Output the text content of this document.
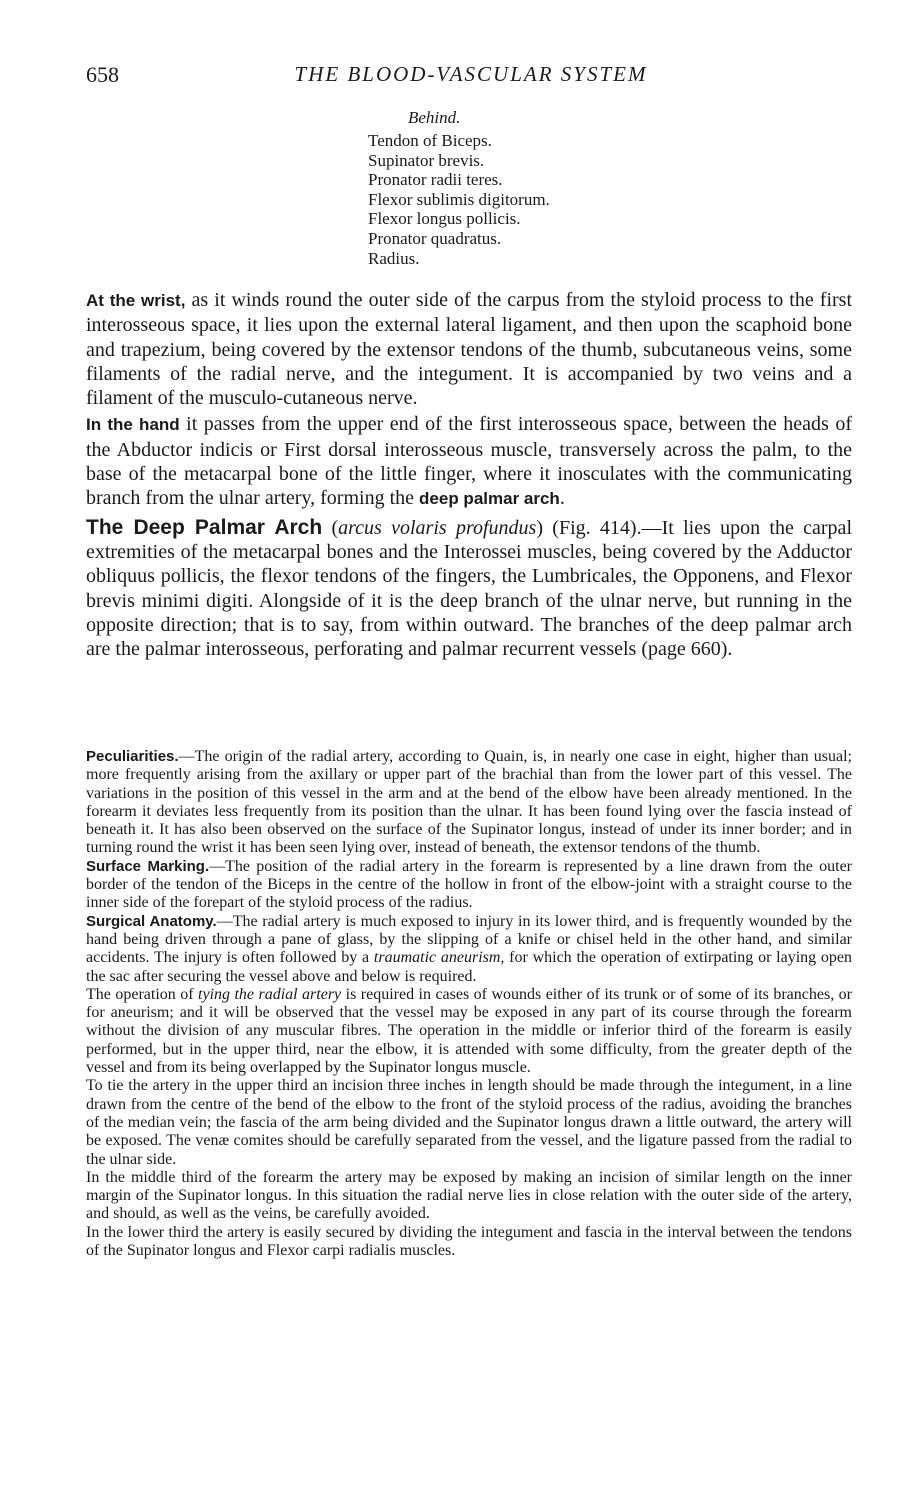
658	THE BLOOD-VASCULAR SYSTEM
Behind.
Tendon of Biceps.
Supinator brevis.
Pronator radii teres.
Flexor sublimis digitorum.
Flexor longus pollicis.
Pronator quadratus.
Radius.

At the wrist, as it winds round the outer side of the carpus from the styloid process to the first interosseous space, it lies upon the external lateral ligament, and then upon the scaphoid bone and trapezium, being covered by the extensor tendons of the thumb, subcutaneous veins, some filaments of the radial nerve, and the integument. It is accompanied by two veins and a filament of the musculo-cutaneous nerve.

In the hand it passes from the upper end of the first interosseous space, between the heads of the Abductor indicis or First dorsal interosseous muscle, transversely across the palm, to the base of the metacarpal bone of the little finger, where it inosculates with the communicating branch from the ulnar artery, forming the deep palmar arch.

The Deep Palmar Arch (arcus volaris profundus) (Fig. 414).—It lies upon the carpal extremities of the metacarpal bones and the Interossei muscles, being covered by the Adductor obliquus pollicis, the flexor tendons of the fingers, the Lumbricales, the Opponens, and Flexor brevis minimi digiti. Alongside of it is the deep branch of the ulnar nerve, but running in the opposite direction; that is to say, from within outward. The branches of the deep palmar arch are the palmar interosseous, perforating and palmar recurrent vessels (page 660).

Peculiarities.—The origin of the radial artery, according to Quain, is, in nearly one case in eight, higher than usual; more frequently arising from the axillary or upper part of the brachial than from the lower part of this vessel. The variations in the position of this vessel in the arm and at the bend of the elbow have been already mentioned. In the forearm it deviates less frequently from its position than the ulnar. It has been found lying over the fascia instead of beneath it. It has also been observed on the surface of the Supinator longus, instead of under its inner border; and in turning round the wrist it has been seen lying over, instead of beneath, the extensor tendons of the thumb.

Surface Marking.—The position of the radial artery in the forearm is represented by a line drawn from the outer border of the tendon of the Biceps in the centre of the hollow in front of the elbow-joint with a straight course to the inner side of the forepart of the styloid process of the radius.

Surgical Anatomy.—The radial artery is much exposed to injury in its lower third, and is frequently wounded by the hand being driven through a pane of glass, by the slipping of a knife or chisel held in the other hand, and similar accidents. The injury is often followed by a traumatic aneurism, for which the operation of extirpating or laying open the sac after securing the vessel above and below is required.

The operation of tying the radial artery is required in cases of wounds either of its trunk or of some of its branches, or for aneurism; and it will be observed that the vessel may be exposed in any part of its course through the forearm without the division of any muscular fibres. The operation in the middle or inferior third of the forearm is easily performed, but in the upper third, near the elbow, it is attended with some difficulty, from the greater depth of the vessel and from its being overlapped by the Supinator longus muscle.

To tie the artery in the upper third an incision three inches in length should be made through the integument, in a line drawn from the centre of the bend of the elbow to the front of the styloid process of the radius, avoiding the branches of the median vein; the fascia of the arm being divided and the Supinator longus drawn a little outward, the artery will be exposed. The venæ comites should be carefully separated from the vessel, and the ligature passed from the radial to the ulnar side.

In the middle third of the forearm the artery may be exposed by making an incision of similar length on the inner margin of the Supinator longus. In this situation the radial nerve lies in close relation with the outer side of the artery, and should, as well as the veins, be carefully avoided.

In the lower third the artery is easily secured by dividing the integument and fascia in the interval between the tendons of the Supinator longus and Flexor carpi radialis muscles.
